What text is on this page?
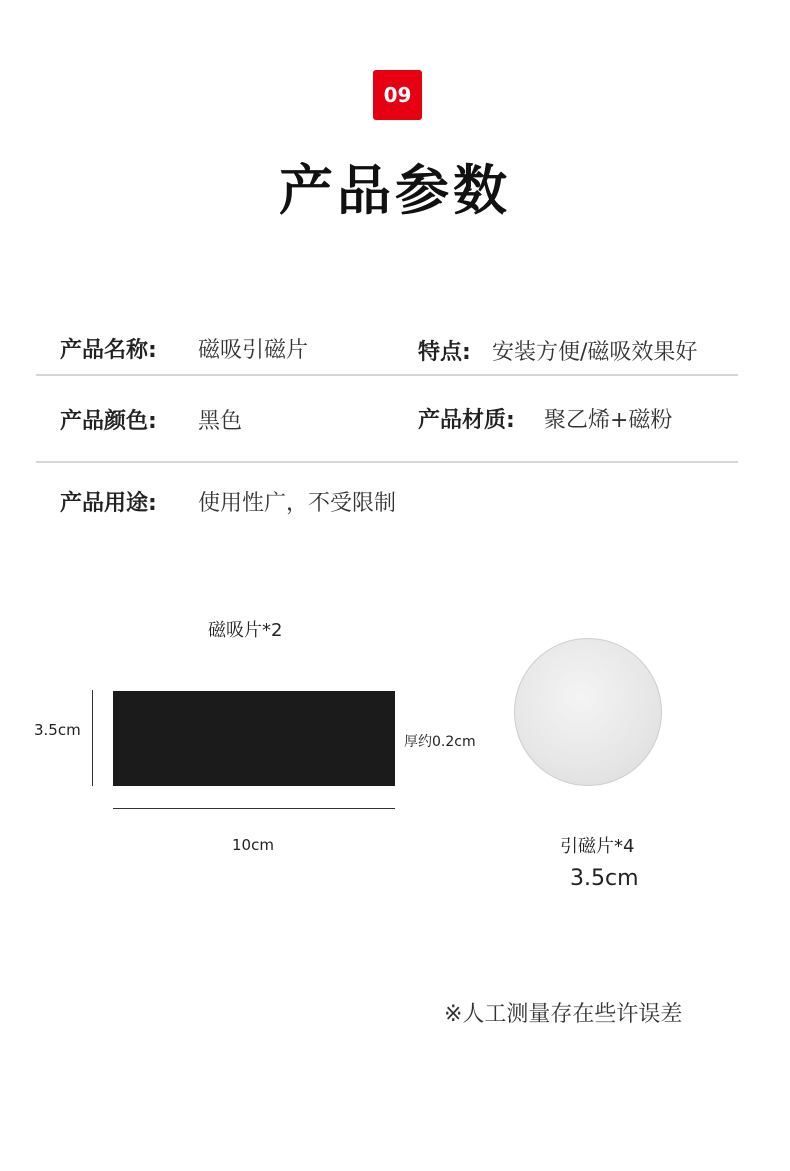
09
产品参数
产品名称: 磁吸引磁片	特点: 安装方便/磁吸效果好
产品颜色: 黑色	产品材质: 聚乙烯+磁粉
产品用途: 使用性广，不受限制
磁吸片*2
3.5cm
厚约0.2cm
10cm	引磁片*4
3.5cm
※人工测量存在些许误差
